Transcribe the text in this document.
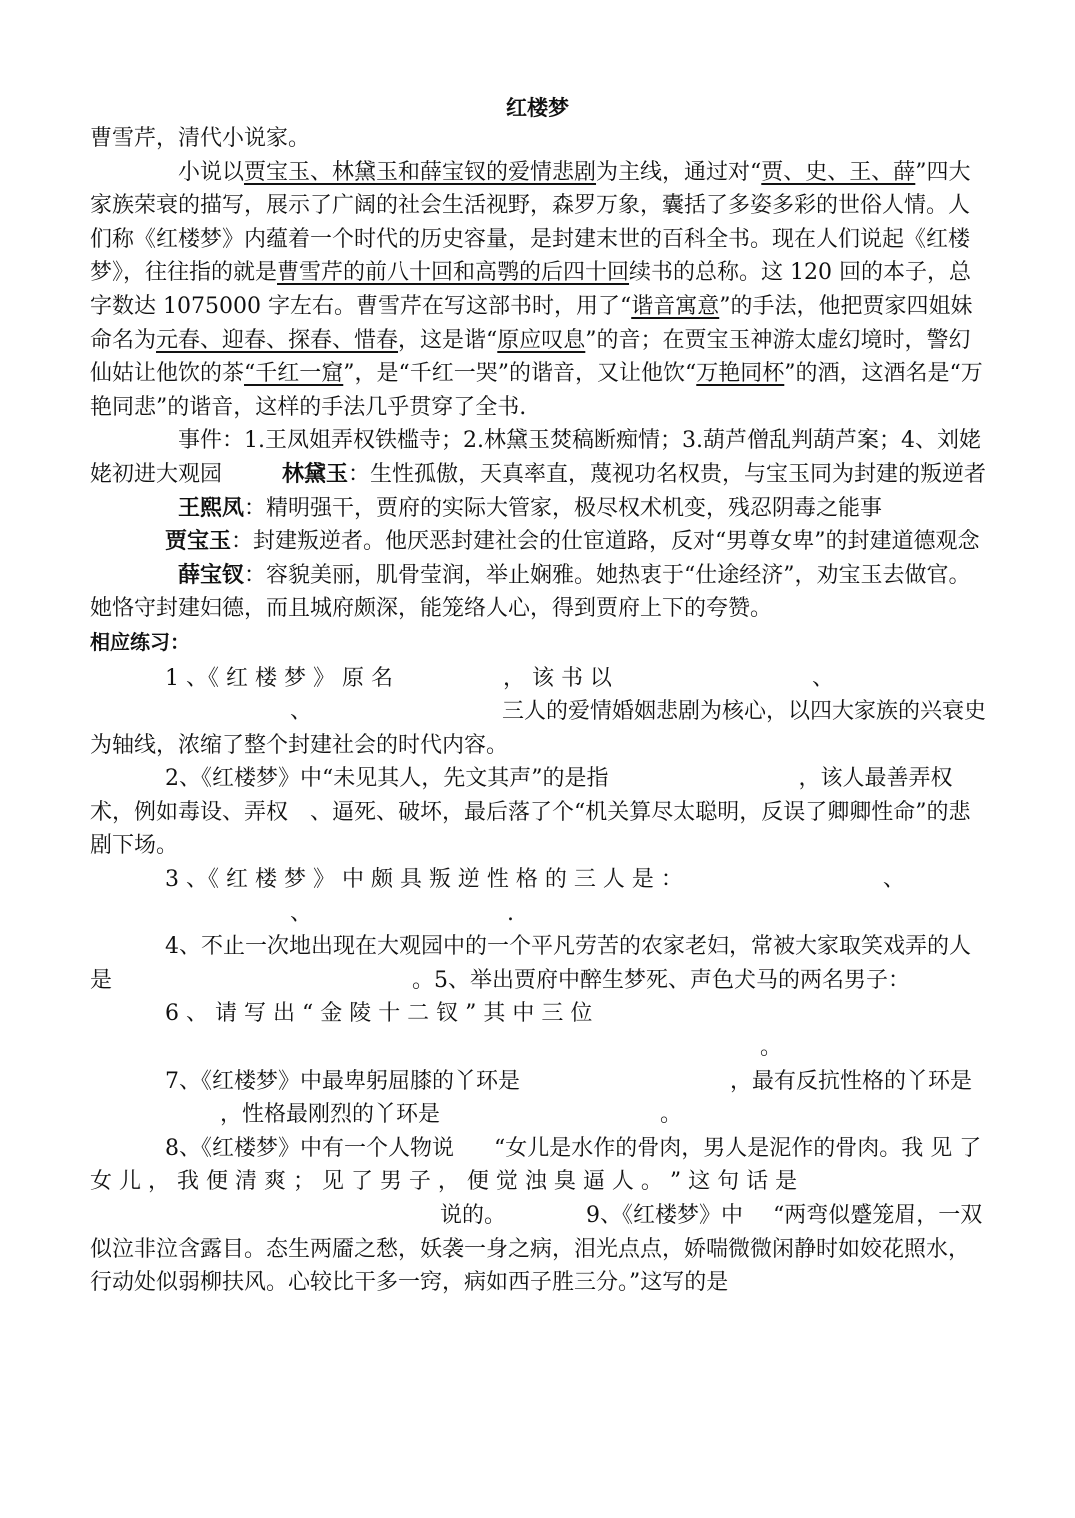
红楼梦

曹雪芹，清代小说家。

小说以贾宝玉、林黛玉和薛宝钗的爱情悲剧为主线，通过对“贾、史、王、薛”四大家族荣衰的描写，展示了广阔的社会生活视野，森罗万象，囊括了多姿多彩的世俗人情。人们称《红楼梦》内蕴着一个时代的历史容量，是封建末世的百科全书。现在人们说起《红楼梦》，往往指的就是曹雪芹的前八十回和高鹗的后四十回续书的总称。这 120 回的本子，总字数达 1075000 字左右。曹雪芹在写这部书时，用了“谐音寓意”的手法，他把贾家四姐妹命名为元春、迎春、探春、惜春，这是谐“原应叹息”的音；在贾宝玉神游太虚幻境时，警幻仙姑让他饮的茶“千红一窟”，是“千红一哭”的谐音，又让他饮“万艳同杯”的酒，这酒名是“万艳同悲”的谐音，这样的手法几乎贯穿了全书.

事件：1.王凤姐弄权铁槛寺；2.林黛玉焚稿断痴情；3.葫芦僧乱判葫芦案；4、刘姥姥初进大观园	林黛玉：生性孤傲，天真率直，蔑视功名权贵，与宝玉同为封建的叛逆者

王熙凤：精明强干，贾府的实际大管家，极尽权术机变，残忍阴毒之能事

贾宝玉：封建叛逆者。他厌恶封建社会的仕宦道路，反对“男尊女卑”的封建道德观念

薛宝钗：容貌美丽，肌骨莹润，举止娴雅。她热衷于“仕途经济”，劝宝玉去做官。她恪守封建妇德，而且城府颇深，能笼络人心，得到贾府上下的夸赞。

相应练习：

1 、《 红 楼 梦 》 原 名	， 该 书 以	、
、	三人的爱情婚姻悲剧为核心，以四大家族的兴衰史为轴线，浓缩了整个封建社会的时代内容。

2、《红楼梦》中“未见其人，先文其声”的是指	，该人最善弄权术，例如毒设、弄权 、逼死、破坏，最后落了个“机关算尽太聪明，反误了卿卿性命”的悲剧下场。

3 、《 红 楼 梦 》 中 颇 具 叛 逆 性 格 的 三 人 是 ：	、
、	.

4、不止一次地出现在大观园中的一个平凡劳苦的农家老妇，常被大家取笑戏弄的人是	。5、举出贾府中醉生梦死、声色犬马的两名男子：

6 、 请 写 出 “ 金 陵 十 二 钗 ” 其 中 三 位
。

7、《红楼梦》中最卑躬屈膝的丫环是	，最有反抗性格的丫环是，性格最刚烈的丫环是	。

8、《红楼梦》中有一个人物说 “女儿是水作的骨肉，男人是泥作的骨肉。我 见 了 女 儿 ， 我 便 清 爽 ； 见 了 男 子 ， 便 觉 浊 臭 逼 人 。 ” 这 句 话 是
说的。	9、《红楼梦》中 “两弯似蹙笼眉，一双似泣非泣含露目。态生两靥之愁，妖袭一身之病，泪光点点，娇喘微微闲静时如姣花照水，行动处似弱柳扶风。心较比干多一窍，病如西子胜三分。”这写的是
